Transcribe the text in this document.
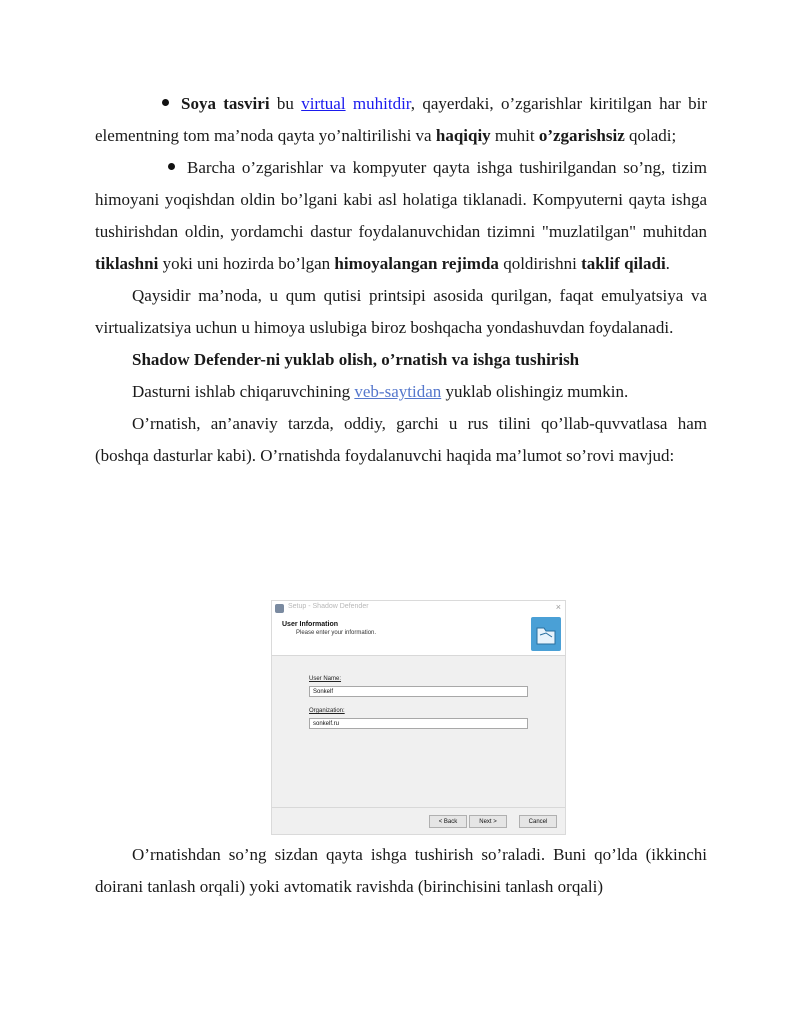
Soya tasviri bu virtual muhitdir, qayerdaki, o’zgarishlar kiritilgan har bir elementning tom ma’noda qayta yo’naltirilishi va haqiqiy muhit o’zgarishsiz qoladi;

Barcha o’zgarishlar va kompyuter qayta ishga tushirilgandan so’ng, tizim himoyani yoqishdan oldin bo’lgani kabi asl holatiga tiklanadi. Kompyuterni qayta ishga tushirishdan oldin, yordamchi dastur foydalanuvchidan tizimni "muzlatilgan" muhitdan tiklashni yoki uni hozirda bo’lgan himoyalangan rejimda qoldirishni taklif qiladi.

Qaysidir ma’noda, u qum qutisi printsipi asosida qurilgan, faqat emulyatsiya va virtualizatsiya uchun u himoya uslubiga biroz boshqacha yondashuvdan foydalanadi.

Shadow Defender-ni yuklab olish, o’rnatish va ishga tushirish

Dasturni ishlab chiqaruvchining veb-saytidan yuklab olishingiz mumkin.

O’rnatish, an’anaviy tarzda, oddiy, garchi u rus tilini qo’llab-quvvatlasa ham (boshqa dasturlar kabi). O’rnatishda foydalanuvchi haqida ma’lumot so’rovi mavjud:

Setup - Shadow Defender	×
User Information
Please enter your information.
User Name:
Sonkelf
Organization:
sonkelf.ru
< Back	Next >	Cancel

O’rnatishdan so’ng sizdan qayta ishga tushirish so’raladi. Buni qo’lda (ikkinchi doirani tanlash orqali) yoki avtomatik ravishda (birinchisini tanlash orqali)
